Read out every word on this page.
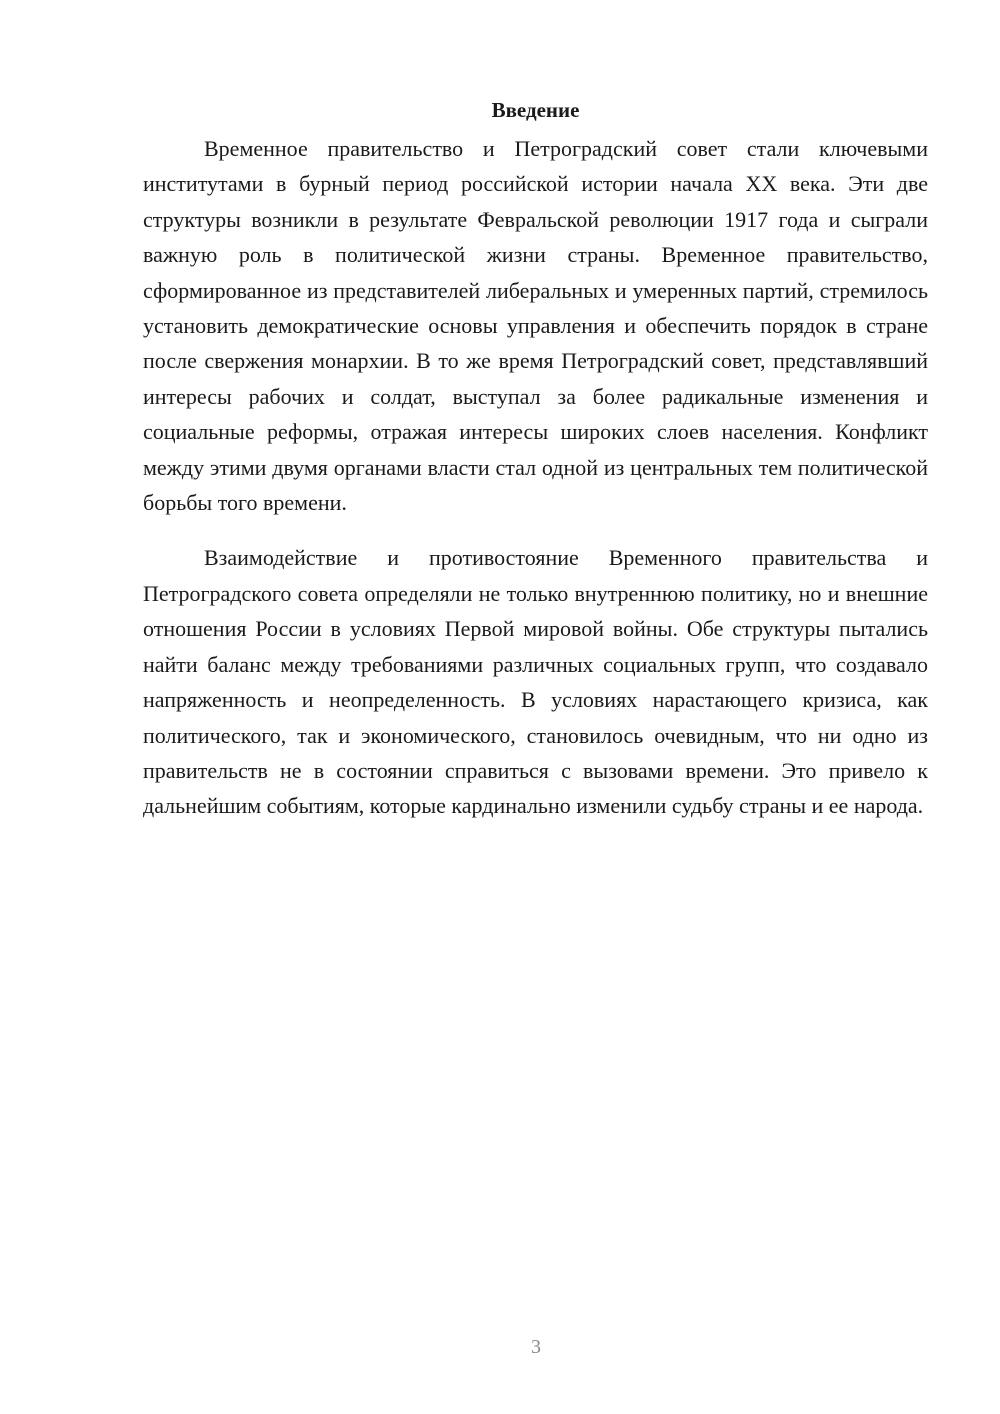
Введение

Временное правительство и Петроградский совет стали ключевыми институтами в бурный период российской истории начала XX века. Эти две структуры возникли в результате Февральской революции 1917 года и сыграли важную роль в политической жизни страны. Временное правительство, сформированное из представителей либеральных и умеренных партий, стремилось установить демократические основы управления и обеспечить порядок в стране после свержения монархии. В то же время Петроградский совет, представлявший интересы рабочих и солдат, выступал за более радикальные изменения и социальные реформы, отражая интересы широких слоев населения. Конфликт между этими двумя органами власти стал одной из центральных тем политической борьбы того времени.

Взаимодействие и противостояние Временного правительства и Петроградского совета определяли не только внутреннюю политику, но и внешние отношения России в условиях Первой мировой войны. Обе структуры пытались найти баланс между требованиями различных социальных групп, что создавало напряженность и неопределенность. В условиях нарастающего кризиса, как политического, так и экономического, становилось очевидным, что ни одно из правительств не в состоянии справиться с вызовами времени. Это привело к дальнейшим событиям, которые кардинально изменили судьбу страны и ее народа.

3
